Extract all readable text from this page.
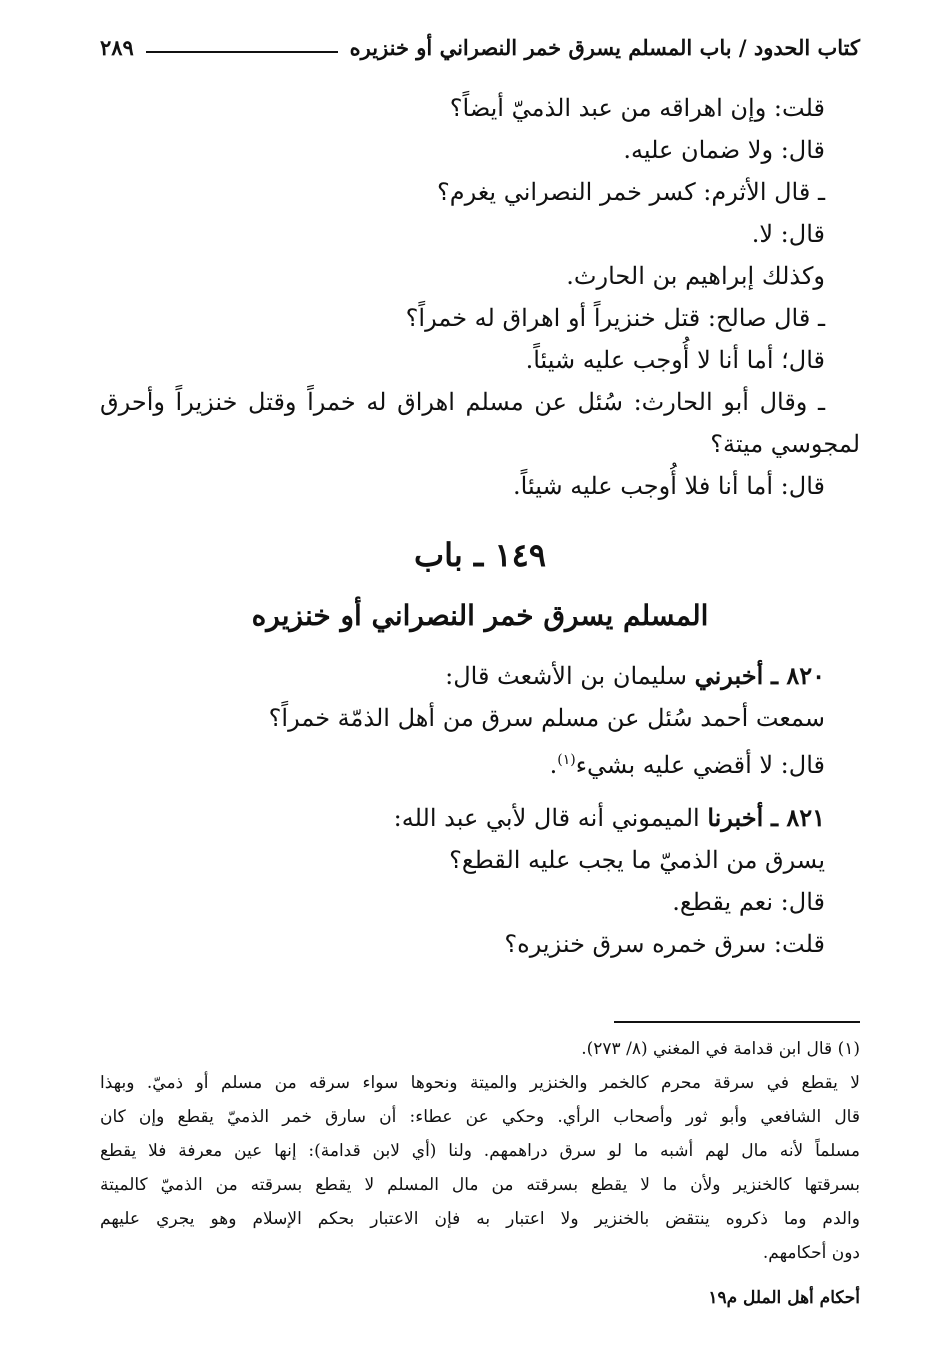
كتاب الحدود / باب المسلم يسرق خمر النصراني أو خنزيره
٢٨٩
قلت: وإن اهراقه من عبد الذميّ أيضاً؟
قال: ولا ضمان عليه.
ـ قال الأثرم: كسر خمر النصراني يغرم؟
قال: لا.
وكذلك إبراهيم بن الحارث.
ـ قال صالح: قتل خنزيراً أو اهراق له خمراً؟
قال؛ أما أنا لا أُوجب عليه شيئاً.
ـ وقال أبو الحارث: سُئل عن مسلم اهراق له خمراً وقتل خنزيراً وأحرق
لمجوسي ميتة؟
قال: أما أنا فلا أُوجب عليه شيئاً.
١٤٩ ـ باب
المسلم يسرق خمر النصراني أو خنزيره
٨٢٠ ـ أخبرني سليمان بن الأشعث قال:
سمعت أحمد سُئل عن مسلم سرق من أهل الذمّة خمراً؟
قال: لا أقضي عليه بشيء$^{(١)}$.
٨٢١ ـ أخبرنا الميموني أنه قال لأبي عبد الله:
يسرق من الذميّ ما يجب عليه القطع؟
قال: نعم يقطع.
قلت: سرق خمره سرق خنزيره؟
(١) قال ابن قدامة في المغني (٨/ ٢٧٣).
لا يقطع في سرقة محرم كالخمر والخنزير والميتة ونحوها سواء سرقه من مسلم أو ذميّ. وبهذا
قال الشافعي وأبو ثور وأصحاب الرأي. وحكي عن عطاء: أن سارق خمر الذميّ يقطع وإن كان
مسلماً لأنه مال لهم أشبه ما لو سرق دراهمهم. ولنا (أي لابن قدامة): إنها عين معرفة فلا يقطع
بسرقتها كالخنزير ولأن ما لا يقطع بسرقته من مال المسلم لا يقطع بسرقته من الذميّ كالميتة
والدم وما ذكروه ينتقض بالخنزير ولا اعتبار به فإن الاعتبار بحكم الإسلام وهو يجري عليهم
دون أحكامهم.
أحكام أهل الملل م١٩
